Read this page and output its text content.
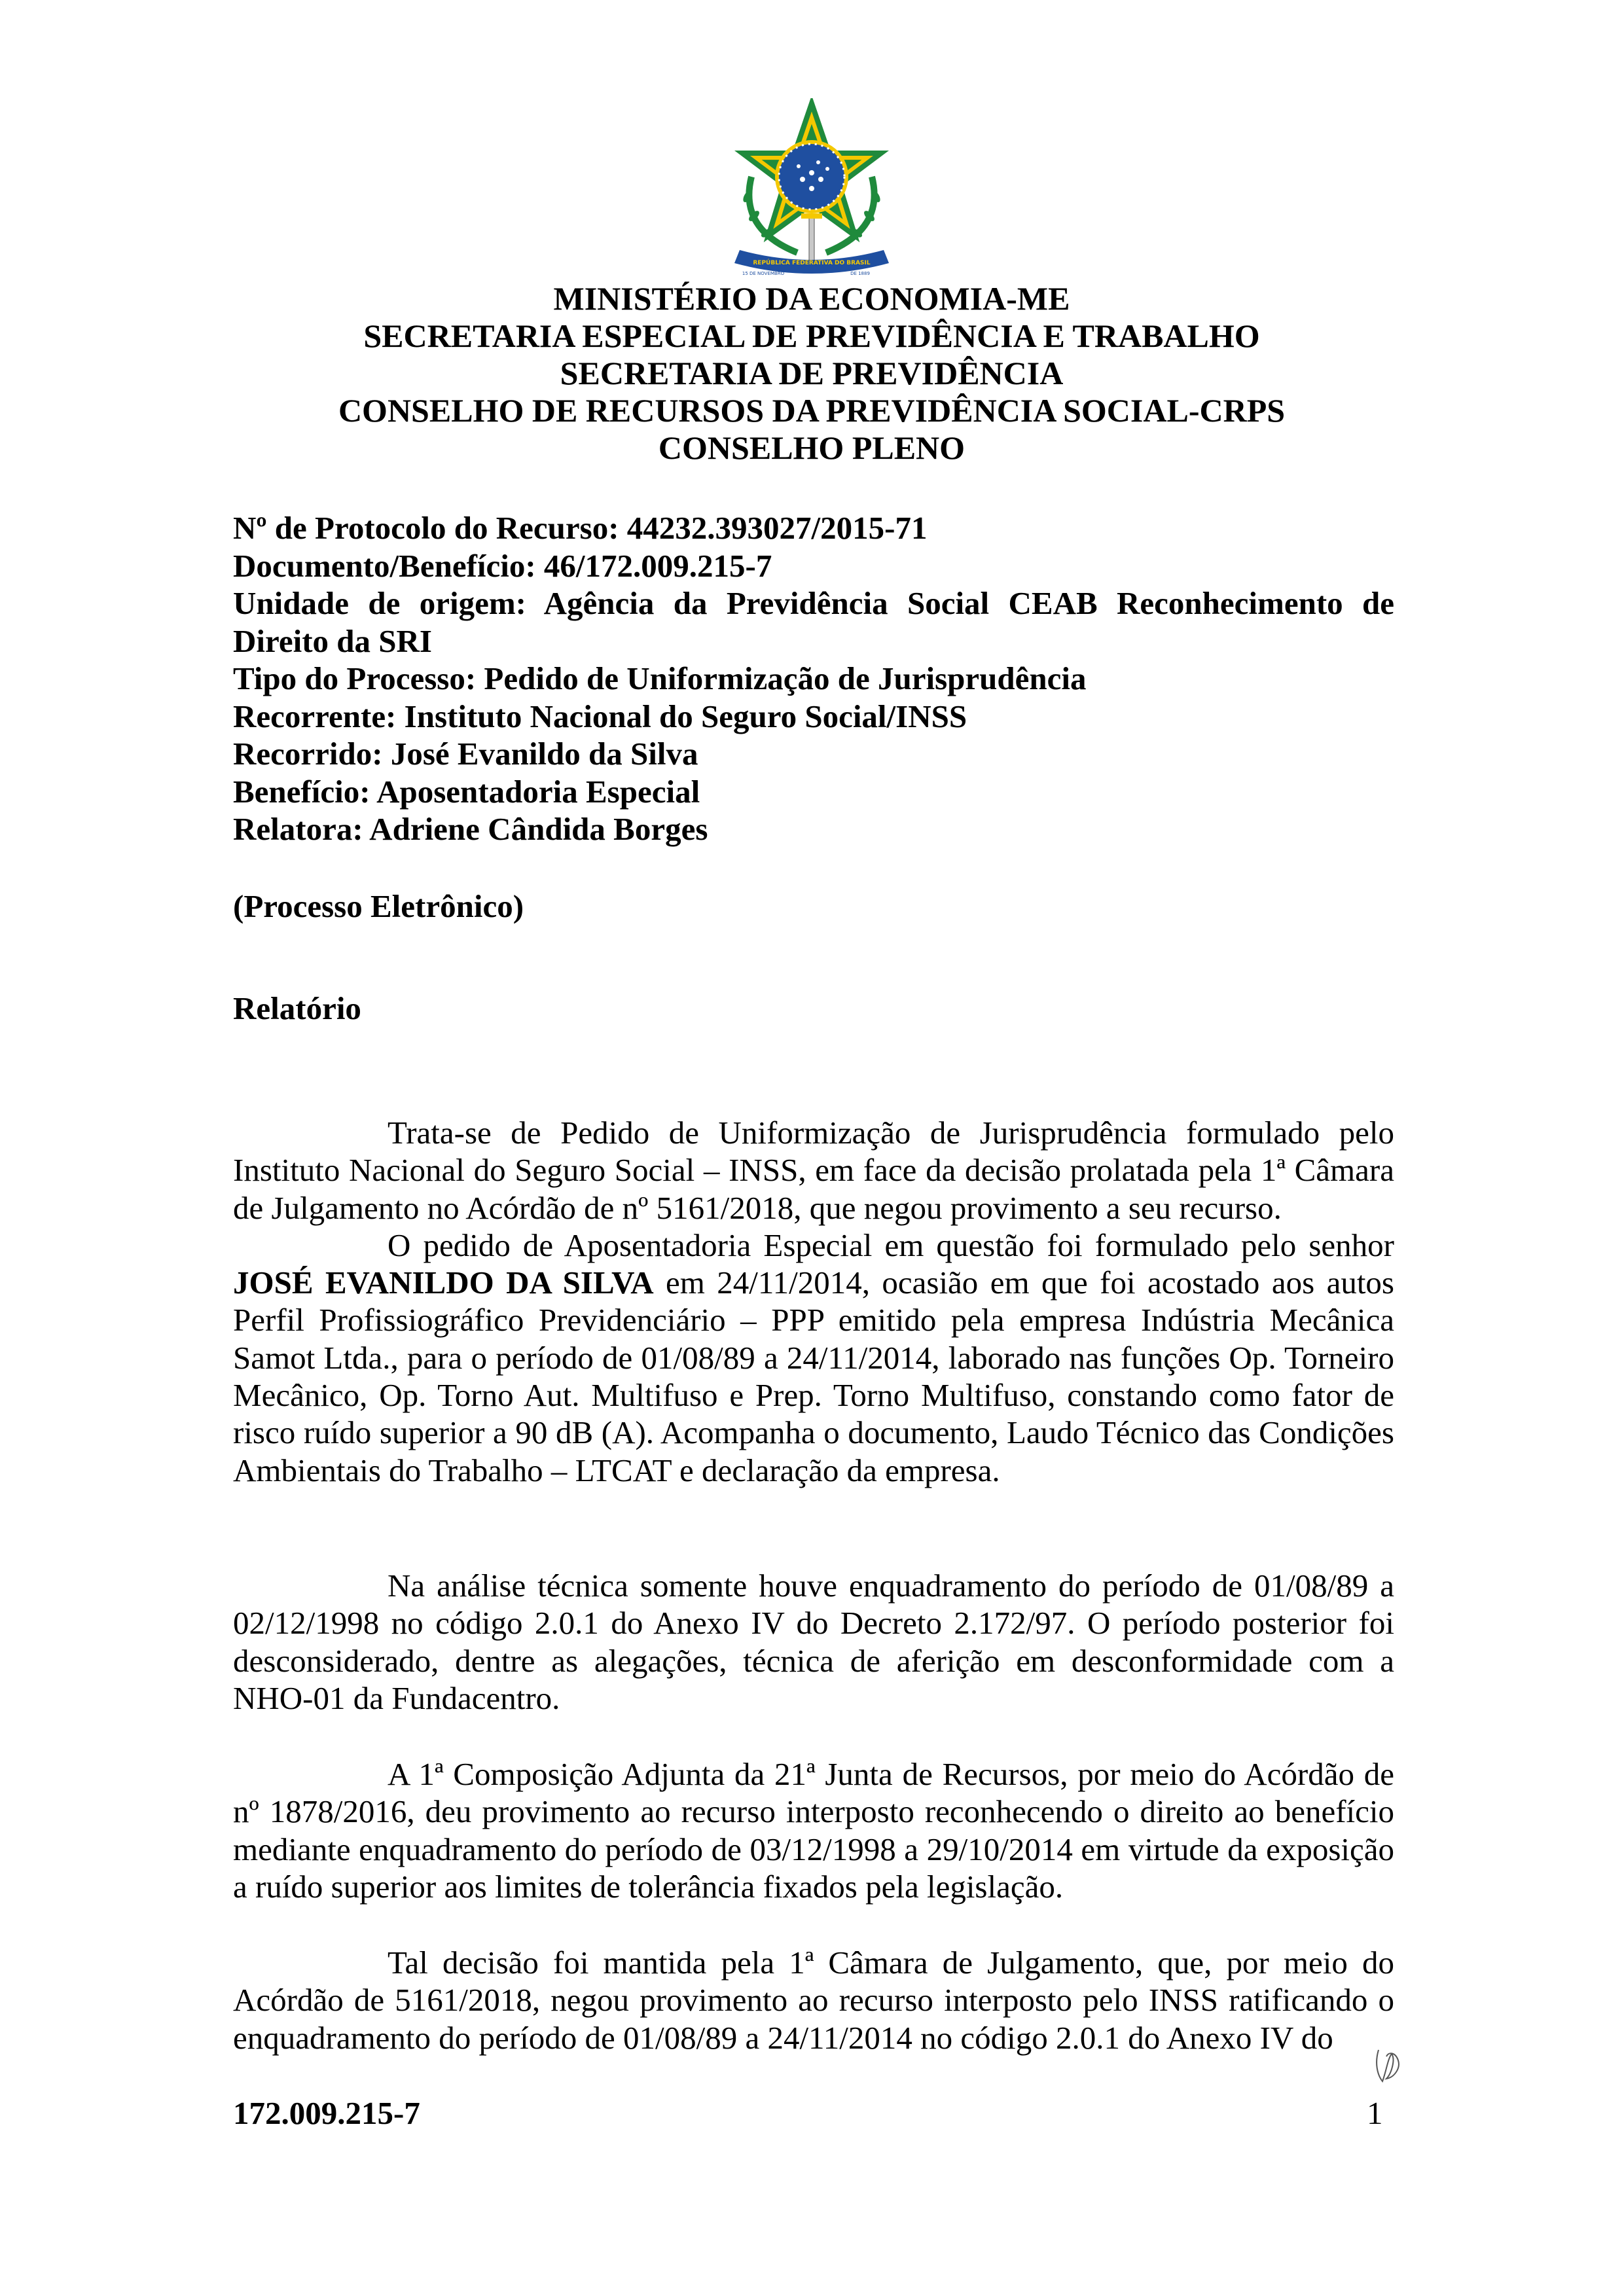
REPÚBLICA FEDERATIVA DO BRASIL
15 DE NOVEMBRO	DE 1889
MINISTÉRIO DA ECONOMIA-ME
SECRETARIA ESPECIAL DE PREVIDÊNCIA E TRABALHO
SECRETARIA DE PREVIDÊNCIA
CONSELHO DE RECURSOS DA PREVIDÊNCIA SOCIAL-CRPS
CONSELHO PLENO
Nº de Protocolo do Recurso: 44232.393027/2015-71
Documento/Benefício: 46/172.009.215-7
Unidade de origem: Agência da Previdência Social CEAB Reconhecimento de
Direito da SRI
Tipo do Processo: Pedido de Uniformização de Jurisprudência
Recorrente: Instituto Nacional do Seguro Social/INSS
Recorrido: José Evanildo da Silva
Benefício: Aposentadoria Especial
Relatora: Adriene Cândida Borges
(Processo Eletrônico)
Relatório

Trata-se de Pedido de Uniformização de Jurisprudência formulado pelo Instituto Nacional do Seguro Social – INSS, em face da decisão prolatada pela 1ª Câmara de Julgamento no Acórdão de nº 5161/2018, que negou provimento a seu recurso.

O pedido de Aposentadoria Especial em questão foi formulado pelo senhor JOSÉ EVANILDO DA SILVA em 24/11/2014, ocasião em que foi acostado aos autos Perfil Profissiográfico Previdenciário – PPP emitido pela empresa Indústria Mecânica Samot Ltda., para o período de 01/08/89 a 24/11/2014, laborado nas funções Op. Torneiro Mecânico, Op. Torno Aut. Multifuso e Prep. Torno Multifuso, constando como fator de risco ruído superior a 90 dB (A). Acompanha o documento, Laudo Técnico das Condições Ambientais do Trabalho – LTCAT e declaração da empresa.

Na análise técnica somente houve enquadramento do período de 01/08/89 a 02/12/1998 no código 2.0.1 do Anexo IV do Decreto 2.172/97. O período posterior foi desconsiderado, dentre as alegações, técnica de aferição em desconformidade com a NHO-01 da Fundacentro.

A 1ª Composição Adjunta da 21ª Junta de Recursos, por meio do Acórdão de nº 1878/2016, deu provimento ao recurso interposto reconhecendo o direito ao benefício mediante enquadramento do período de 03/12/1998 a 29/10/2014 em virtude da exposição a ruído superior aos limites de tolerância fixados pela legislação.

Tal decisão foi mantida pela 1ª Câmara de Julgamento, que, por meio do Acórdão de 5161/2018, negou provimento ao recurso interposto pelo INSS ratificando o enquadramento do período de 01/08/89 a 24/11/2014 no código 2.0.1 do Anexo IV do

172.009.215-7	1
